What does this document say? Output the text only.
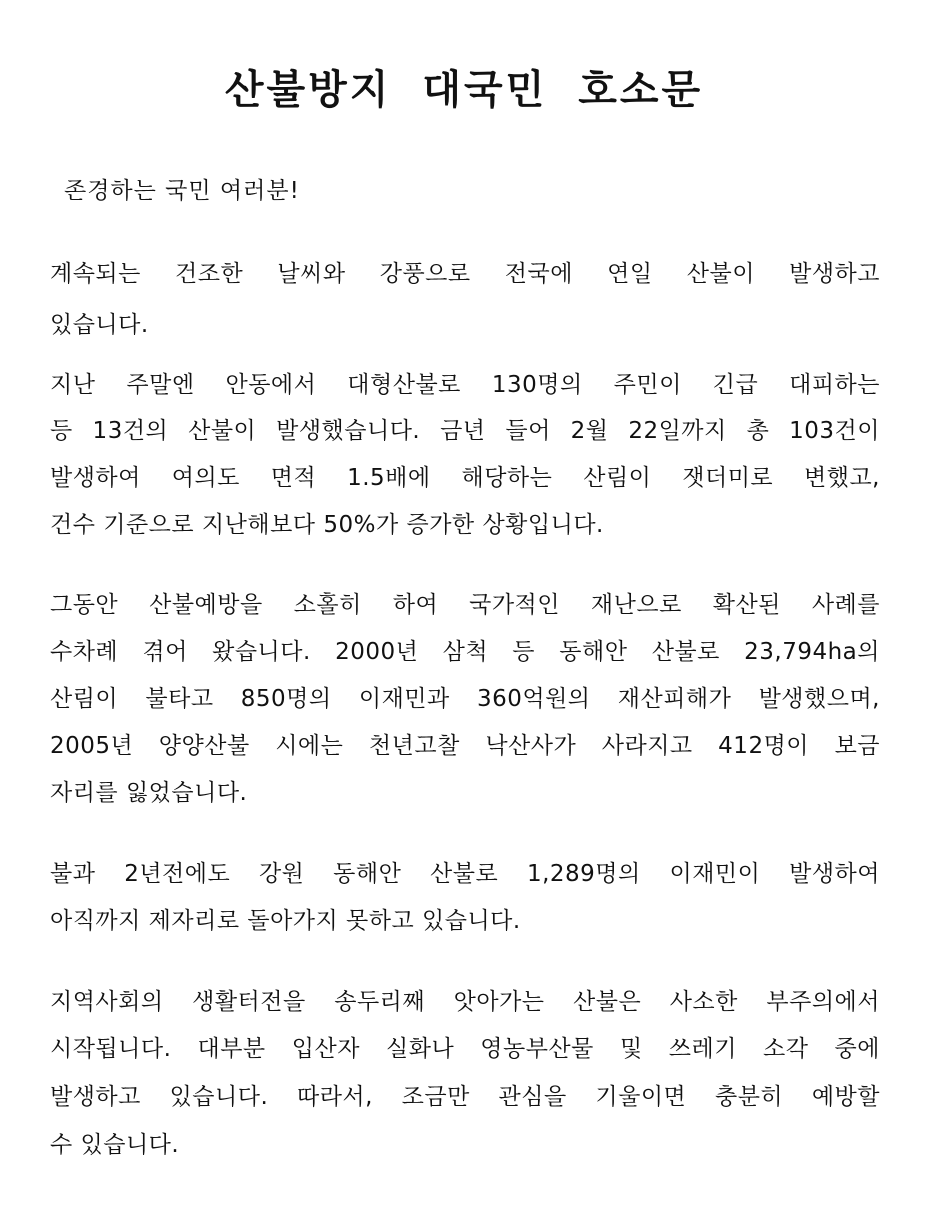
산불방지 대국민 호소문

존경하는 국민 여러분!

계속되는 건조한 날씨와 강풍으로 전국에 연일 산불이 발생하고

있습니다.

지난 주말엔 안동에서 대형산불로 130명의 주민이 긴급 대피하는

등 13건의 산불이 발생했습니다. 금년 들어 2월 22일까지 총 103건이

발생하여 여의도 면적 1.5배에 해당하는 산림이 잿더미로 변했고,

건수 기준으로 지난해보다 50%가 증가한 상황입니다.

그동안 산불예방을 소홀히 하여 국가적인 재난으로 확산된 사례를

수차례 겪어 왔습니다. 2000년 삼척 등 동해안 산불로 23,794ha의

산림이 불타고 850명의 이재민과 360억원의 재산피해가 발생했으며,

2005년 양양산불 시에는 천년고찰 낙산사가 사라지고 412명이 보금

자리를 잃었습니다.

불과 2년전에도 강원 동해안 산불로 1,289명의 이재민이 발생하여

아직까지 제자리로 돌아가지 못하고 있습니다.

지역사회의 생활터전을 송두리째 앗아가는 산불은 사소한 부주의에서

시작됩니다. 대부분 입산자 실화나 영농부산물 및 쓰레기 소각 중에

발생하고 있습니다. 따라서, 조금만 관심을 기울이면 충분히 예방할

수 있습니다.
